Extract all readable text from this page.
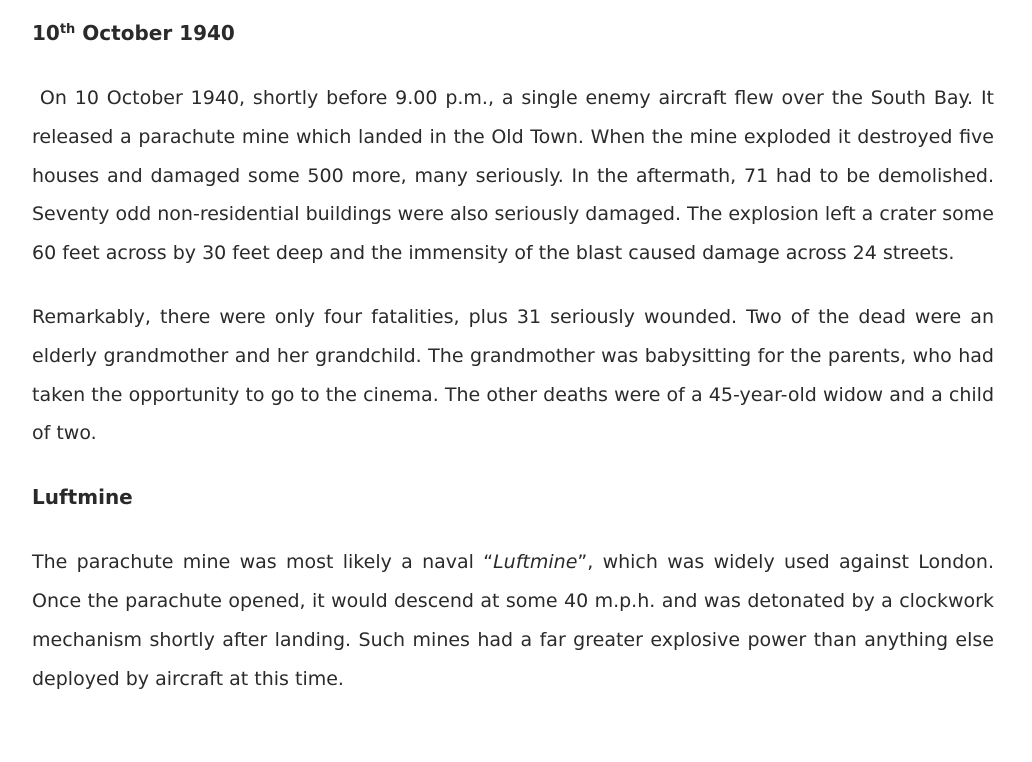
10th October 1940

On 10 October 1940, shortly before 9.00 p.m., a single enemy aircraft flew over the South Bay. It released a parachute mine which landed in the Old Town. When the mine exploded it destroyed five houses and damaged some 500 more, many seriously. In the aftermath, 71 had to be demolished. Seventy odd non-residential buildings were also seriously damaged. The explosion left a crater some 60 feet across by 30 feet deep and the immensity of the blast caused damage across 24 streets.

Remarkably, there were only four fatalities, plus 31 seriously wounded. Two of the dead were an elderly grandmother and her grandchild. The grandmother was babysitting for the parents, who had taken the opportunity to go to the cinema. The other deaths were of a 45-year-old widow and a child of two.

Luftmine

The parachute mine was most likely a naval “Luftmine”, which was widely used against London. Once the parachute opened, it would descend at some 40 m.p.h. and was detonated by a clockwork mechanism shortly after landing. Such mines had a far greater explosive power than anything else deployed by aircraft at this time.
